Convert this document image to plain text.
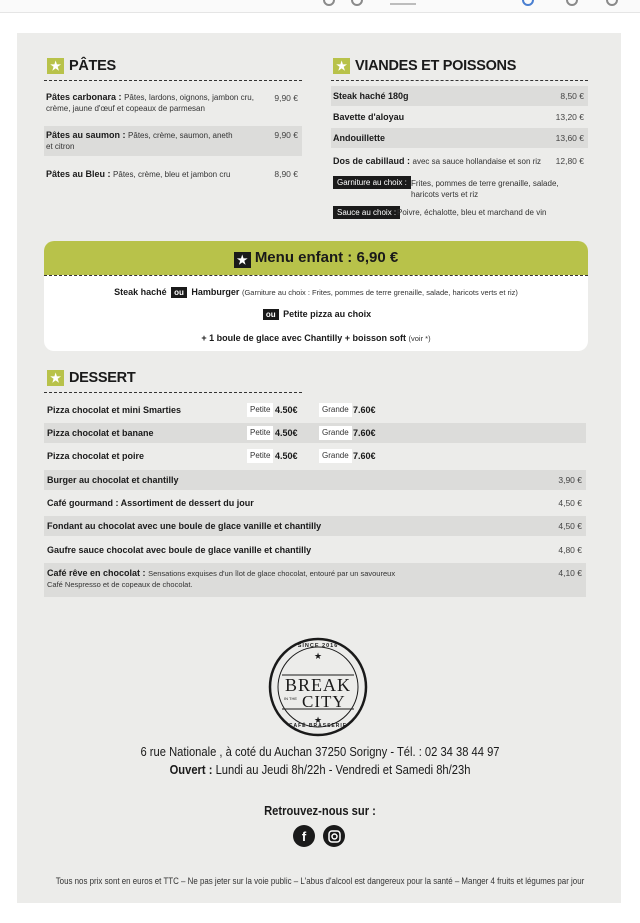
★ PÂTES
Pâtes carbonara : Pâtes, lardons, oignons, jambon cru,
crème, jaune d'œuf et copeaux de parmesan
9,90 €
Pâtes au saumon : Pâtes, crème, saumon, aneth
et citron
9,90 €
Pâtes au Bleu : Pâtes, crème, bleu et jambon cru	8,90 €
★ VIANDES ET POISSONS
Steak haché 180g	8,50 €
Bavette d'aloyau	13,20 €
Andouillette	13,60 €
Dos de cabillaud : avec sa sauce hollandaise et son riz	12,80 €
Garniture au choix : Frites, pommes de terre grenaille, salade,
haricots verts et riz
Sauce au choix : Poivre, échalotte, bleu et marchand de vin
★ Menu enfant : 6,90 €
Steak haché ou Hamburger (Garniture au choix : Frites, pommes de terre grenaille, salade, haricots verts et riz)
ou Petite pizza au choix
+ 1 boule de glace avec Chantilly + boisson soft (voir *)
★ DESSERT
Pizza chocolat et mini Smarties	Petite 4.50€	Grande 7.60€
Pizza chocolat et banane	Petite 4.50€	Grande 7.60€
Pizza chocolat et poire	Petite 4.50€	Grande 7.60€
Burger au chocolat et chantilly	3,90 €
Café gourmand : Assortiment de dessert du jour	4,50 €
Fondant au chocolat avec une boule de glace vanille et chantilly	4,50 €
Gaufre sauce chocolat avec boule de glace vanille et chantilly	4,80 €
Café rêve en chocolat : Sensations exquises d'un îlot de glace chocolat, entouré par un savoureux
Café Nespresso et de copeaux de chocolat.
4,10 €
★
★
SINCE 2016
BREAK
IN THE CITY
CAFÉ BRASSERIE
6 rue Nationale , à coté du Auchan 37250 Sorigny - Tél. : 02 34 38 44 97
Ouvert : Lundi au Jeudi 8h/22h - Vendredi et Samedi 8h/23h
Retrouvez-nous sur :
f
Tous nos prix sont en euros et TTC – Ne pas jeter sur la voie public – L'abus d'alcool est dangereux pour la santé – Manger 4 fruits et légumes par jour
